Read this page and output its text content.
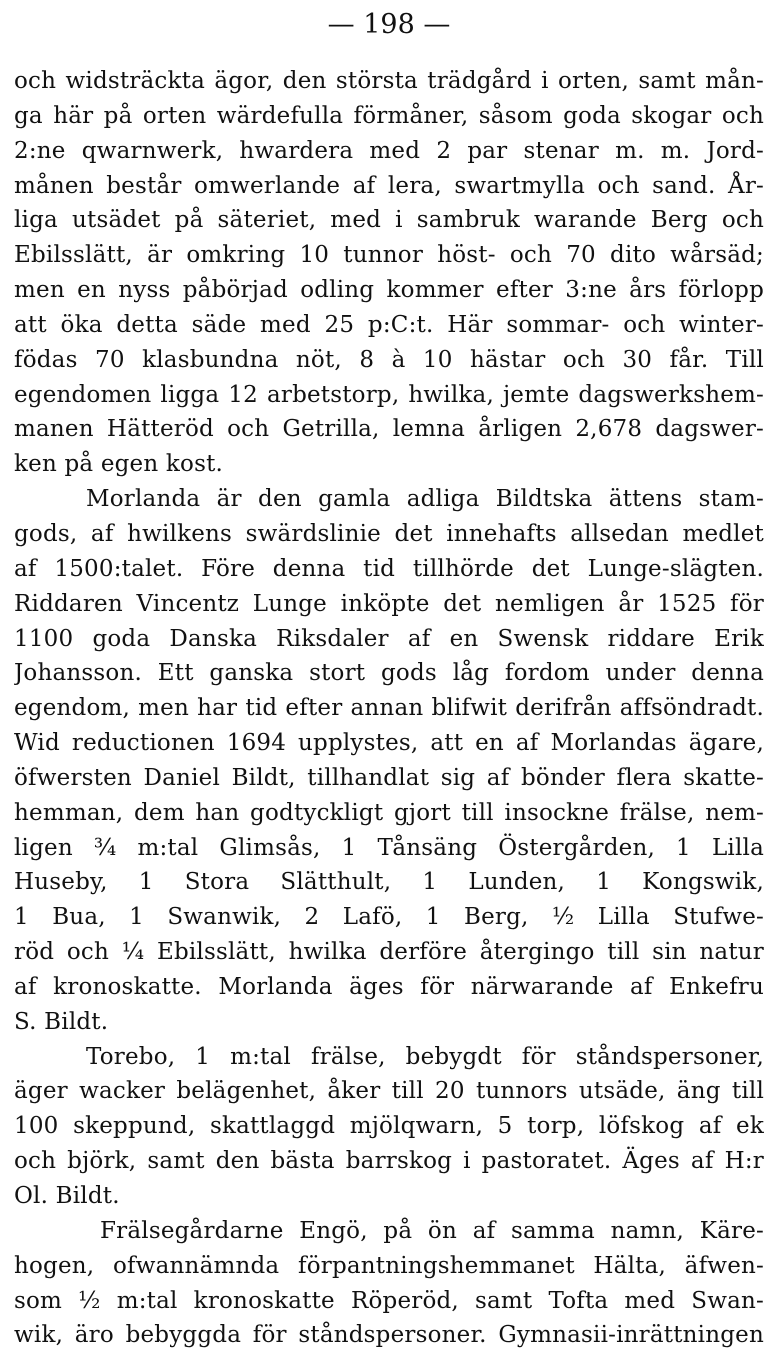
— 198 —
och widsträckta ägor, den största trädgård i orten, samt mån-
ga här på orten wärdefulla förmåner, såsom goda skogar och
2:ne qwarnwerk, hwardera med 2 par stenar m. m. Jord-
månen består omwerlande af lera, swartmylla och sand. År-
liga utsädet på säteriet, med i sambruk warande Berg och
Ebilsslätt, är omkring 10 tunnor höst- och 70 dito wårsäd;
men en nyss påbörjad odling kommer efter 3:ne års förlopp
att öka detta säde med 25 p:C:t. Här sommar- och winter-
födas 70 klasbundna nöt, 8 à 10 hästar och 30 får. Till
egendomen ligga 12 arbetstorp, hwilka, jemte dagswerkshem-
manen Hätteröd och Getrilla, lemna årligen 2,678 dagswer-
ken på egen kost.
Morlanda är den gamla adliga Bildtska ättens stam-
gods, af hwilkens swärdslinie det innehafts allsedan medlet
af 1500:talet. Före denna tid tillhörde det Lunge-slägten.
Riddaren Vincentz Lunge inköpte det nemligen år 1525 för
1100 goda Danska Riksdaler af en Swensk riddare Erik
Johansson. Ett ganska stort gods låg fordom under denna
egendom, men har tid efter annan blifwit derifrån affsöndradt.
Wid reductionen 1694 upplystes, att en af Morlandas ägare,
öfwersten Daniel Bildt, tillhandlat sig af bönder flera skatte-
hemman, dem han godtyckligt gjort till insockne frälse, nem-
ligen ¾ m:tal Glimsås, 1 Tånsäng Östergården, 1 Lilla
Huseby, 1 Stora Slätthult, 1 Lunden, 1 Kongswik,
1 Bua, 1 Swanwik, 2 Lafö, 1 Berg, ½ Lilla Stufwe-
röd och ¼ Ebilsslätt, hwilka derföre återgingo till sin natur
af kronoskatte. Morlanda äges för närwarande af Enkefru
S. Bildt.
Torebo, 1 m:tal frälse, bebygdt för ståndspersoner,
äger wacker belägenhet, åker till 20 tunnors utsäde, äng till
100 skeppund, skattlaggd mjölqwarn, 5 torp, löfskog af ek
och björk, samt den bästa barrskog i pastoratet. Äges af H:r
Ol. Bildt.
Frälsegårdarne Engö, på ön af samma namn, Käre-
hogen, ofwannämnda förpantningshemmanet Hälta, äfwen-
som ½ m:tal kronoskatte Röperöd, samt Tofta med Swan-
wik, äro bebyggda för ståndspersoner. Gymnasii-inrättningen
